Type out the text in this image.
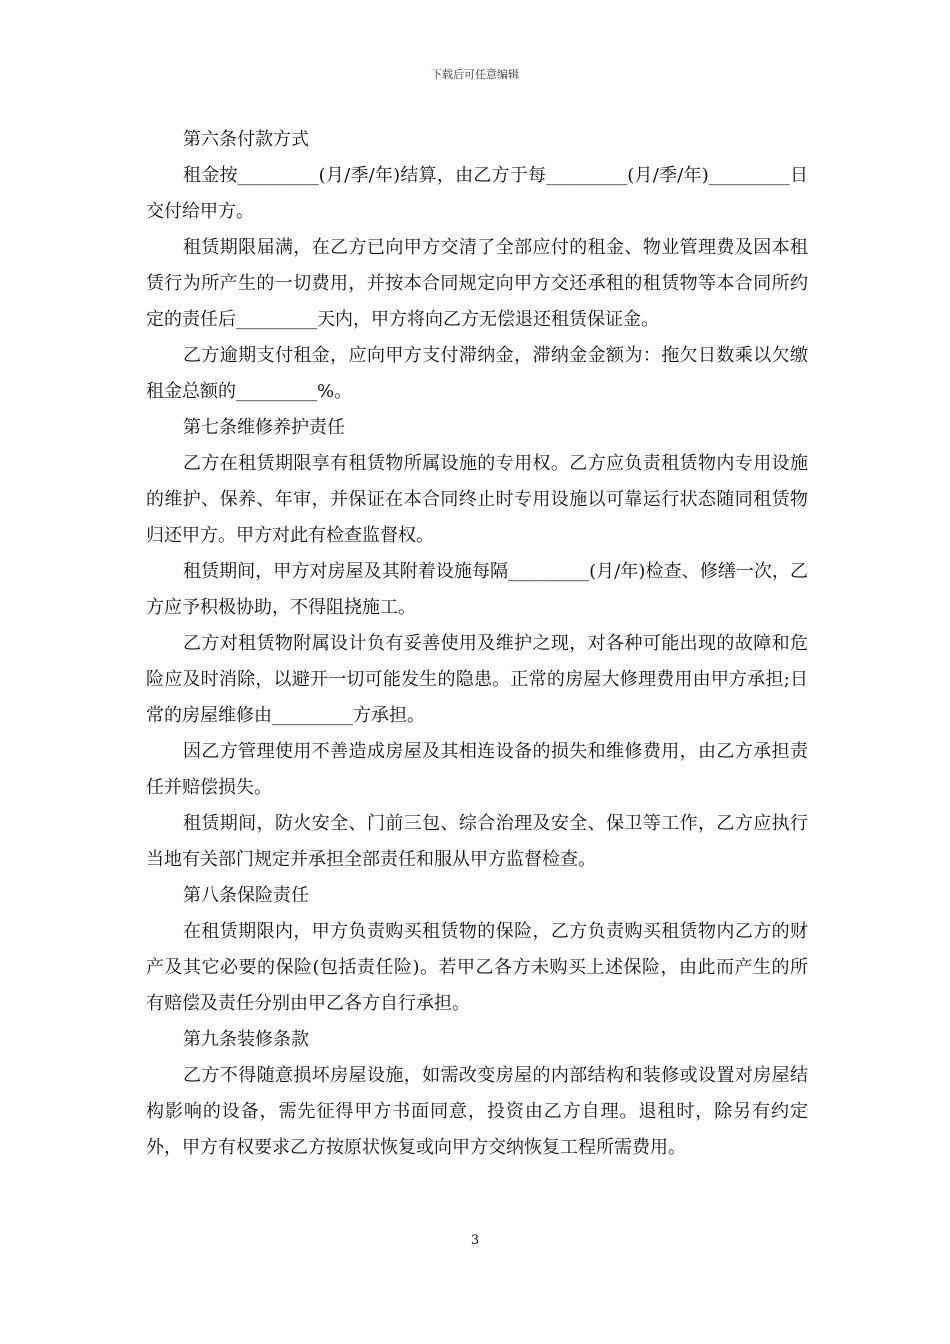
下载后可任意编辑

第六条付款方式

租金按_________(月/季/年)结算，由乙方于每_________(月/季/年)_________日交付给甲方。

租赁期限届满，在乙方已向甲方交清了全部应付的租金、物业管理费及因本租赁行为所产生的一切费用，并按本合同规定向甲方交还承租的租赁物等本合同所约定的责任后_________天内，甲方将向乙方无偿退还租赁保证金。

乙方逾期支付租金，应向甲方支付滞纳金，滞纳金金额为：拖欠日数乘以欠缴租金总额的_________%。

第七条维修养护责任

乙方在租赁期限享有租赁物所属设施的专用权。乙方应负责租赁物内专用设施的维护、保养、年审，并保证在本合同终止时专用设施以可靠运行状态随同租赁物归还甲方。甲方对此有检查监督权。

租赁期间，甲方对房屋及其附着设施每隔_________(月/年)检查、修缮一次，乙方应予积极协助，不得阻挠施工。

乙方对租赁物附属设计负有妥善使用及维护之现，对各种可能出现的故障和危险应及时消除，以避开一切可能发生的隐患。正常的房屋大修理费用由甲方承担;日常的房屋维修由_________方承担。

因乙方管理使用不善造成房屋及其相连设备的损失和维修费用，由乙方承担责任并赔偿损失。

租赁期间，防火安全、门前三包、综合治理及安全、保卫等工作，乙方应执行当地有关部门规定并承担全部责任和服从甲方监督检查。

第八条保险责任

在租赁期限内，甲方负责购买租赁物的保险，乙方负责购买租赁物内乙方的财产及其它必要的保险(包括责任险)。若甲乙各方未购买上述保险，由此而产生的所有赔偿及责任分别由甲乙各方自行承担。

第九条装修条款

乙方不得随意损坏房屋设施，如需改变房屋的内部结构和装修或设置对房屋结构影响的设备，需先征得甲方书面同意，投资由乙方自理。退租时，除另有约定外，甲方有权要求乙方按原状恢复或向甲方交纳恢复工程所需费用。

3
